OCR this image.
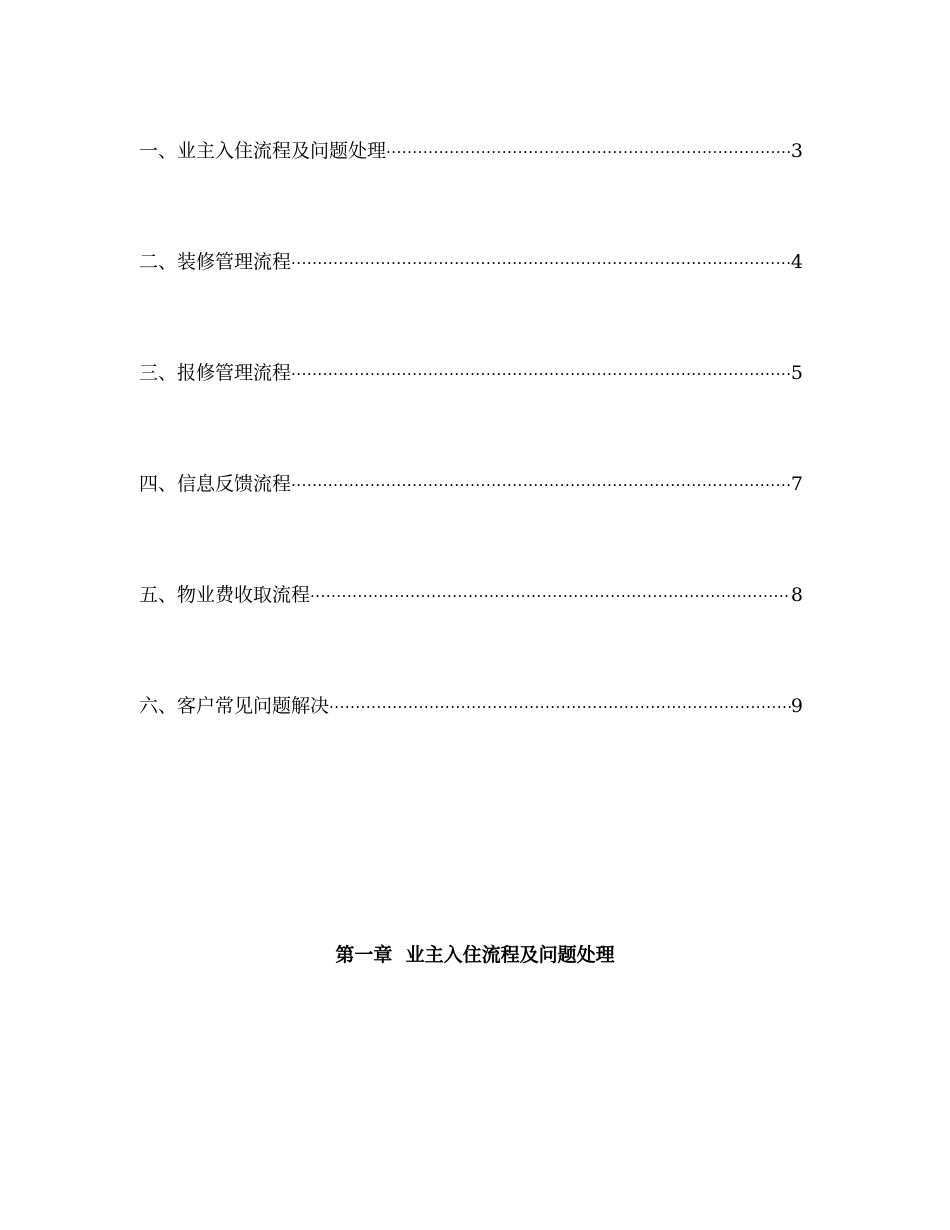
一、 业主入住流程及问题处理 ·····	3
二、 装修管理流程 ·····	4
三、 报修管理流程 ·····	5
四、 信息反馈流程 ·····	7
五、 物业费收取流程 ·····	8
六、 客户常见问题解决 ·····	9
第一章  业主入住流程及问题处理
